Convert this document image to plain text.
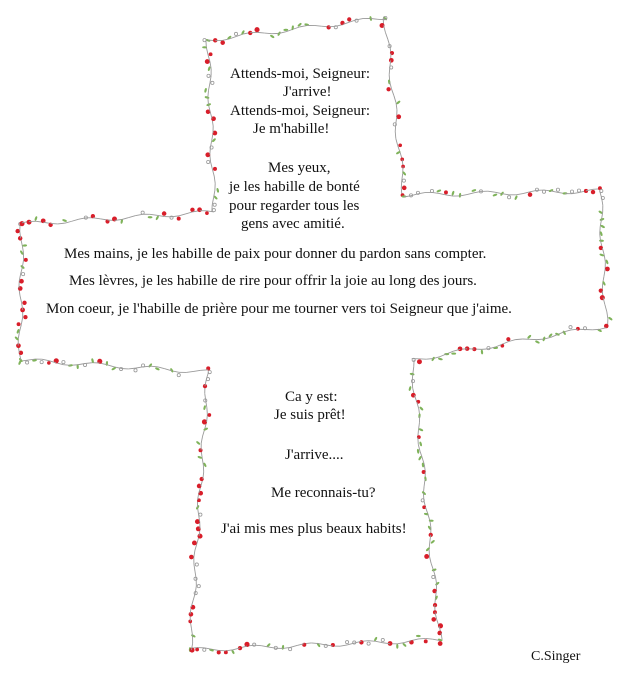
Attends-moi, Seigneur:
J'arrive!
Attends-moi, Seigneur:
Je m'habille!
Mes yeux,
je les habille de bonté
pour regarder tous les
gens avec amitié.
Mes mains, je les habille de paix pour donner du pardon sans compter.
Mes lèvres, je les habille de rire pour offrir la joie au long des jours.
Mon coeur, je l'habille de prière pour me tourner vers toi Seigneur que j'aime.
Ca y est:
Je suis prêt!
J'arrive....
Me reconnais-tu?
J'ai mis mes plus beaux habits!
C.Singer
